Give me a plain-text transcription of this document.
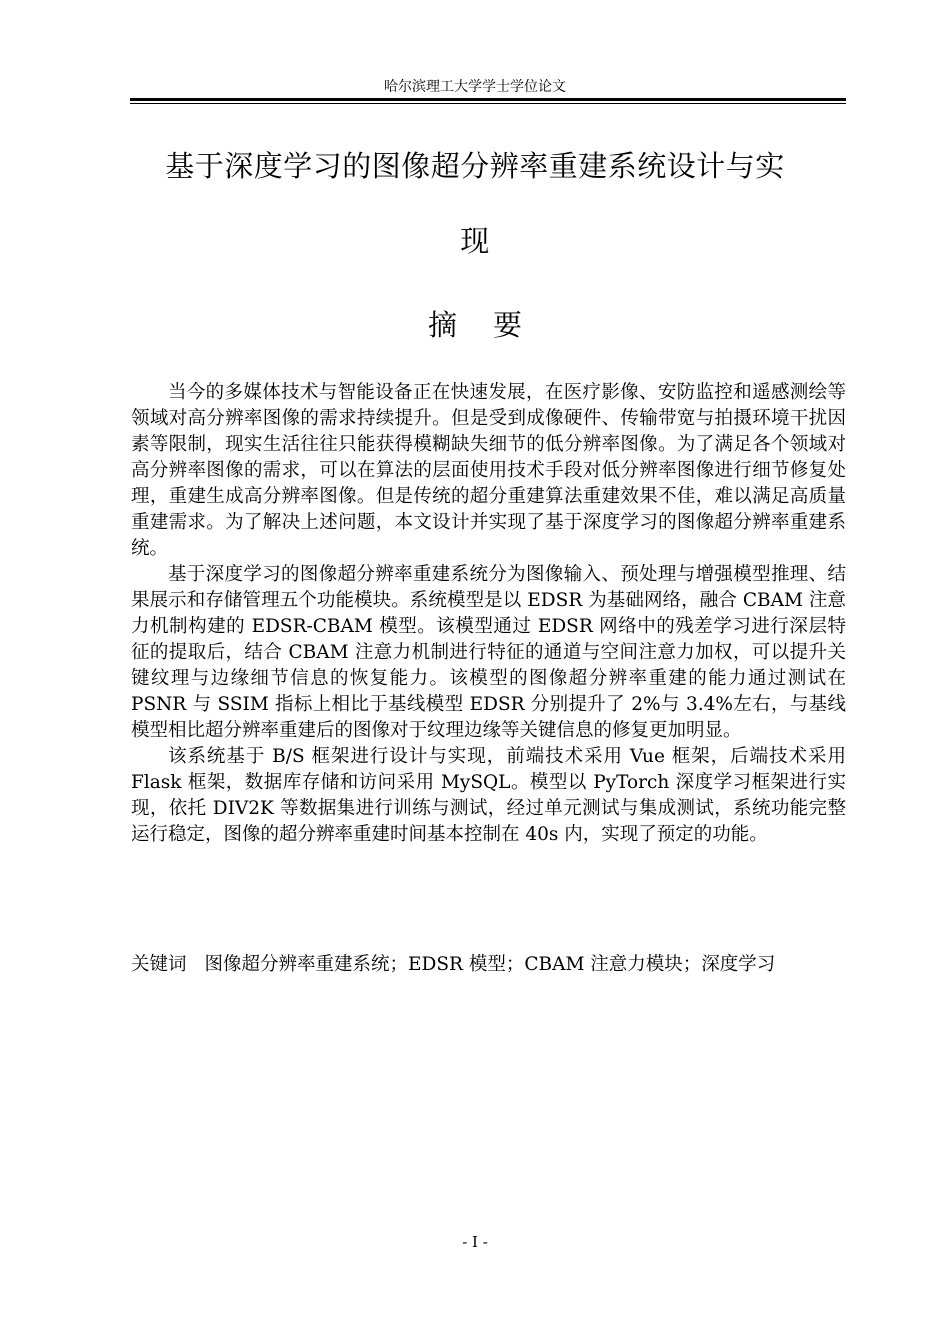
哈尔滨理工大学学士学位论文
基于深度学习的图像超分辨率重建系统设计与实
现
摘 要

当今的多媒体技术与智能设备正在快速发展，在医疗影像、安防监控和遥感测绘等领域对高分辨率图像的需求持续提升。但是受到成像硬件、传输带宽与拍摄环境干扰因素等限制，现实生活往往只能获得模糊缺失细节的低分辨率图像。为了满足各个领域对高分辨率图像的需求，可以在算法的层面使用技术手段对低分辨率图像进行细节修复处理，重建生成高分辨率图像。但是传统的超分重建算法重建效果不佳，难以满足高质量重建需求。为了解决上述问题，本文设计并实现了基于深度学习的图像超分辨率重建系统。

基于深度学习的图像超分辨率重建系统分为图像输入、预处理与增强模型推理、结果展示和存储管理五个功能模块。系统模型是以 EDSR 为基础网络，融合 CBAM 注意力机制构建的 EDSR-CBAM 模型。该模型通过 EDSR 网络中的残差学习进行深层特征的提取后，结合 CBAM 注意力机制进行特征的通道与空间注意力加权，可以提升关键纹理与边缘细节信息的恢复能力。该模型的图像超分辨率重建的能力通过测试在 PSNR 与 SSIM 指标上相比于基线模型 EDSR 分别提升了 2%与 3.4%左右，与基线模型相比超分辨率重建后的图像对于纹理边缘等关键信息的修复更加明显。

该系统基于 B/S 框架进行设计与实现，前端技术采用 Vue 框架，后端技术采用 Flask 框架，数据库存储和访问采用 MySQL。模型以 PyTorch 深度学习框架进行实现，依托 DIV2K 等数据集进行训练与测试，经过单元测试与集成测试，系统功能完整运行稳定，图像的超分辨率重建时间基本控制在 40s 内，实现了预定的功能。

关键词 图像超分辨率重建系统；EDSR 模型；CBAM 注意力模块；深度学习
- I -
